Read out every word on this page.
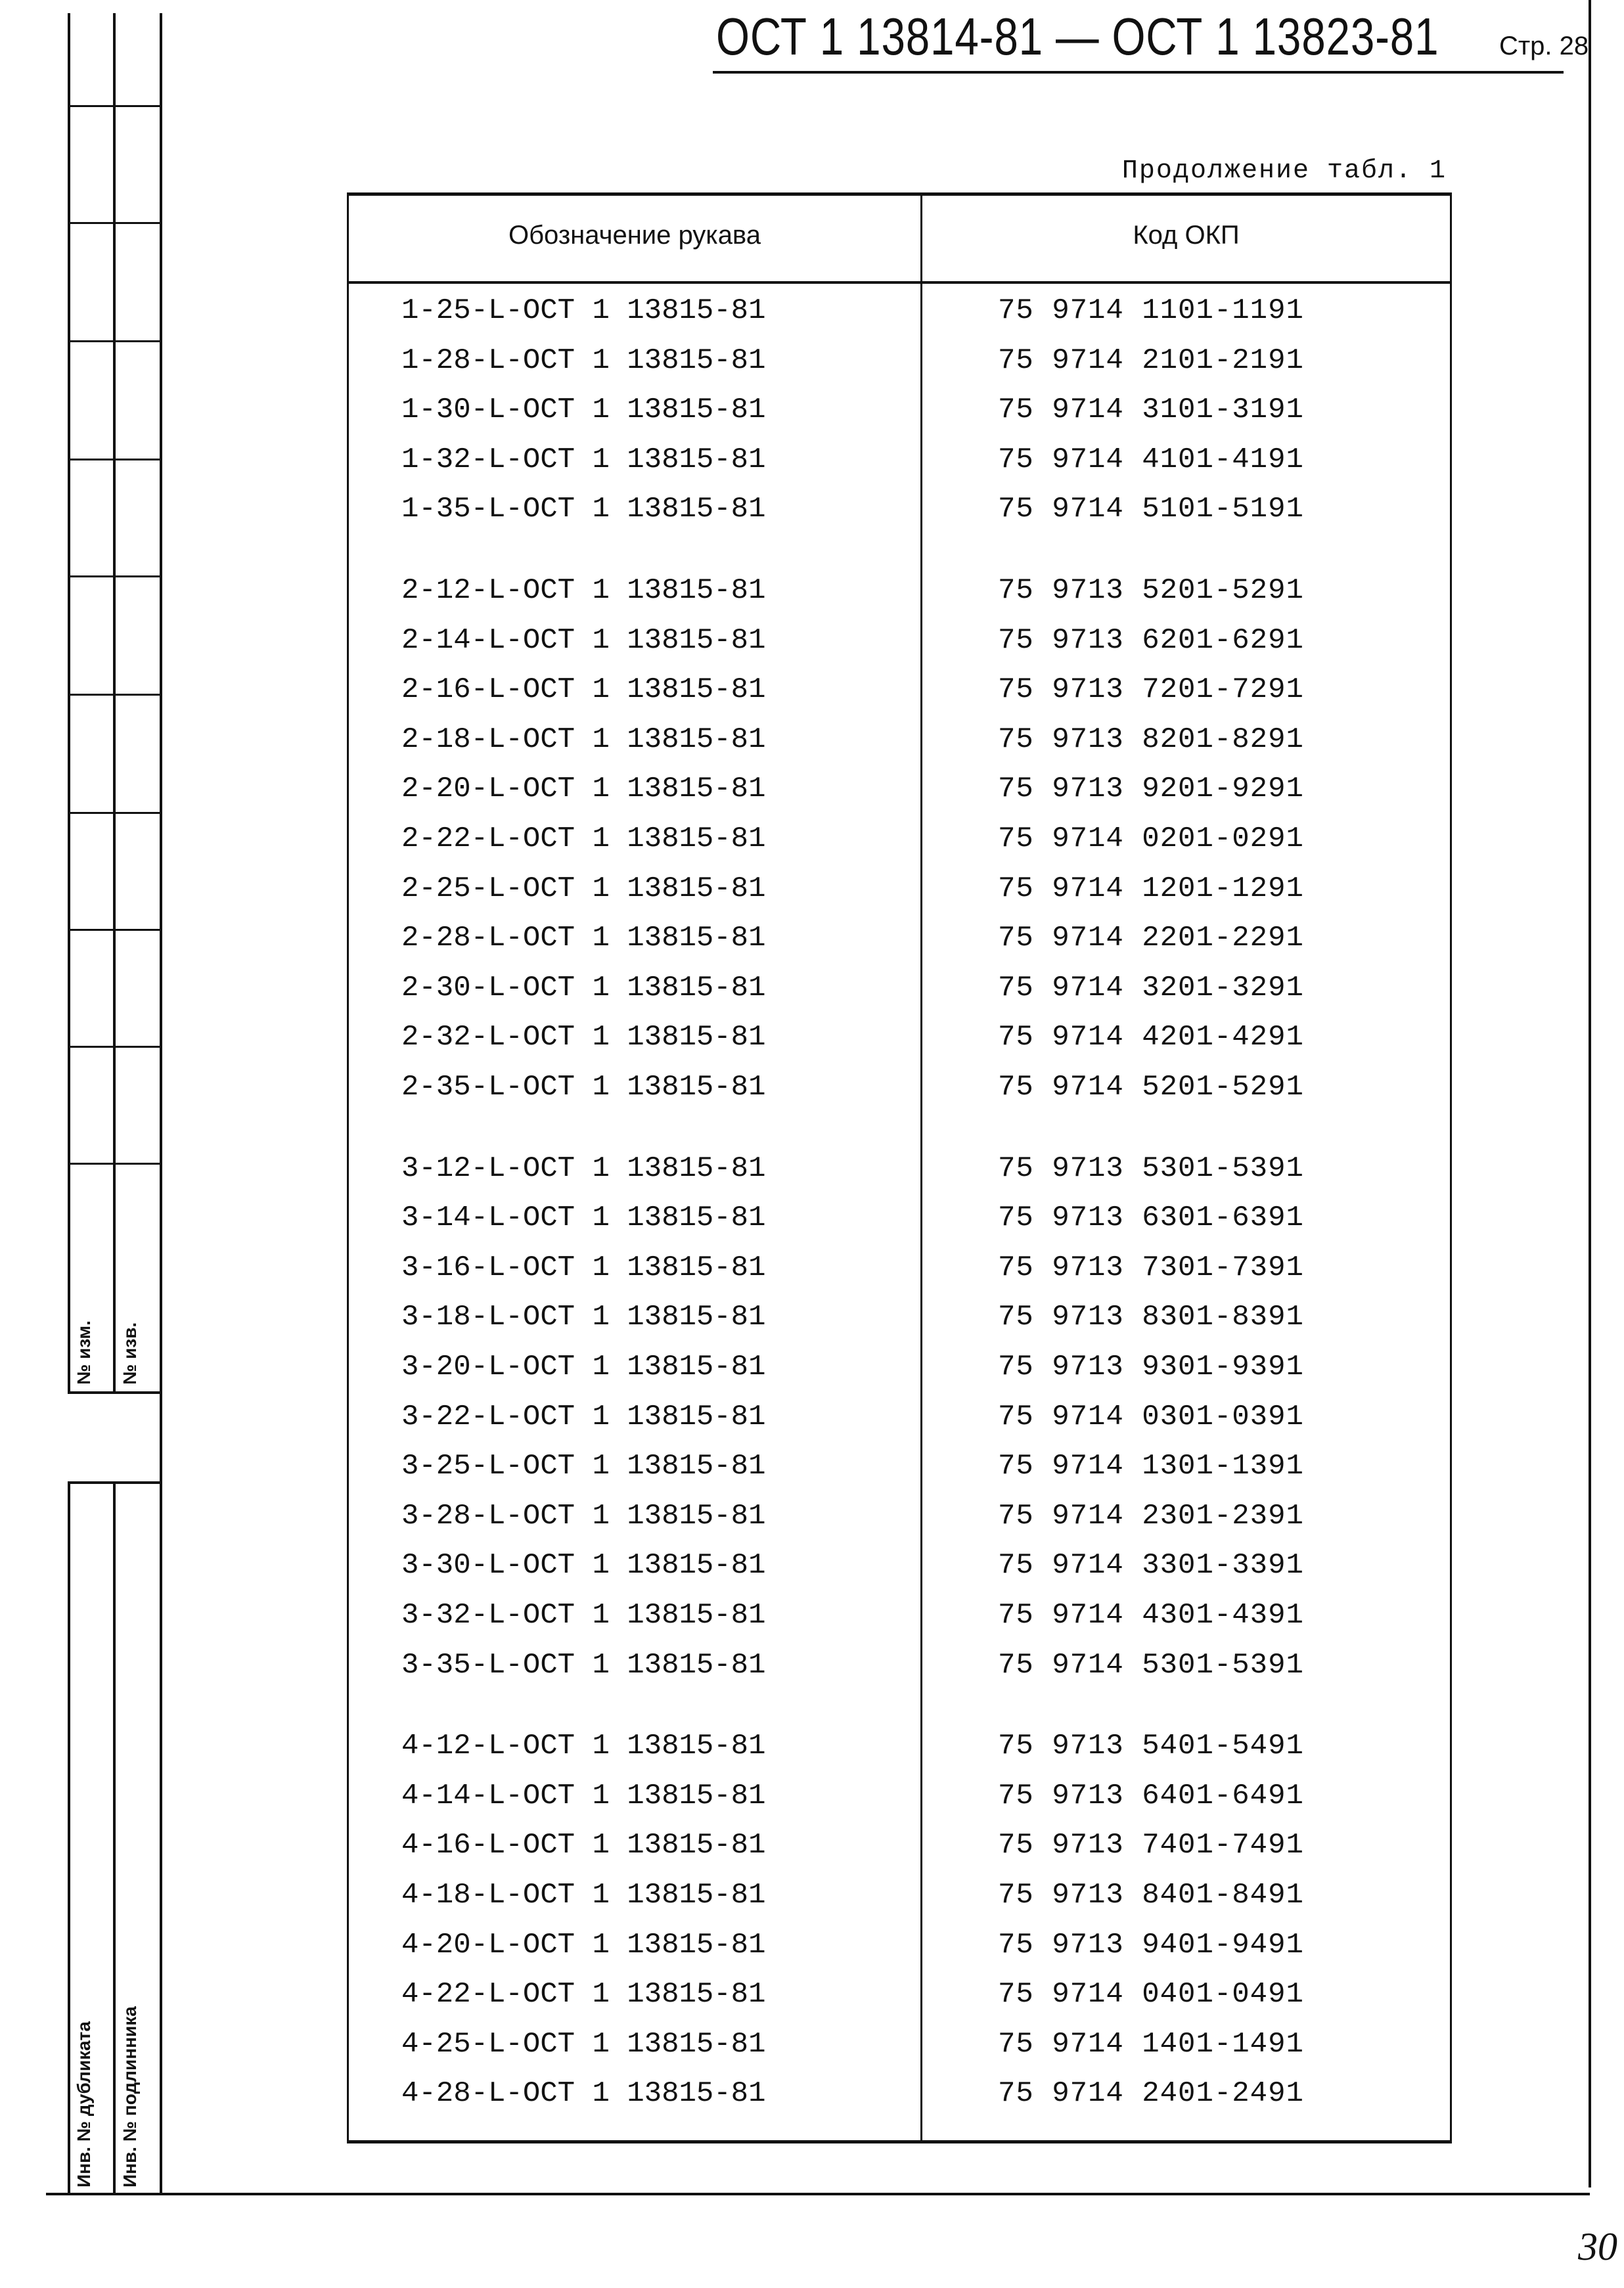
№ изм. № изв.
Инв. № дубликата Инв. № подлинника
ОСТ 1 13814-81 — ОСТ 1 13823-81 Стр. 28
Продолжение табл. 1
Обозначение рукава	Код ОКП
1-25-L-ОСТ 1 13815-81	75 9714 1101-1191
1-28-L-ОСТ 1 13815-81	75 9714 2101-2191
1-30-L-ОСТ 1 13815-81	75 9714 3101-3191
1-32-L-ОСТ 1 13815-81	75 9714 4101-4191
1-35-L-ОСТ 1 13815-81	75 9714 5101-5191
2-12-L-ОСТ 1 13815-81	75 9713 5201-5291
2-14-L-ОСТ 1 13815-81	75 9713 6201-6291
2-16-L-ОСТ 1 13815-81	75 9713 7201-7291
2-18-L-ОСТ 1 13815-81	75 9713 8201-8291
2-20-L-ОСТ 1 13815-81	75 9713 9201-9291
2-22-L-ОСТ 1 13815-81	75 9714 0201-0291
2-25-L-ОСТ 1 13815-81	75 9714 1201-1291
2-28-L-ОСТ 1 13815-81	75 9714 2201-2291
2-30-L-ОСТ 1 13815-81	75 9714 3201-3291
2-32-L-ОСТ 1 13815-81	75 9714 4201-4291
2-35-L-ОСТ 1 13815-81	75 9714 5201-5291
3-12-L-ОСТ 1 13815-81	75 9713 5301-5391
3-14-L-ОСТ 1 13815-81	75 9713 6301-6391
3-16-L-ОСТ 1 13815-81	75 9713 7301-7391
3-18-L-ОСТ 1 13815-81	75 9713 8301-8391
3-20-L-ОСТ 1 13815-81	75 9713 9301-9391
3-22-L-ОСТ 1 13815-81	75 9714 0301-0391
3-25-L-ОСТ 1 13815-81	75 9714 1301-1391
3-28-L-ОСТ 1 13815-81	75 9714 2301-2391
3-30-L-ОСТ 1 13815-81	75 9714 3301-3391
3-32-L-ОСТ 1 13815-81	75 9714 4301-4391
3-35-L-ОСТ 1 13815-81	75 9714 5301-5391
4-12-L-ОСТ 1 13815-81	75 9713 5401-5491
4-14-L-ОСТ 1 13815-81	75 9713 6401-6491
4-16-L-ОСТ 1 13815-81	75 9713 7401-7491
4-18-L-ОСТ 1 13815-81	75 9713 8401-8491
4-20-L-ОСТ 1 13815-81	75 9713 9401-9491
4-22-L-ОСТ 1 13815-81	75 9714 0401-0491
4-25-L-ОСТ 1 13815-81	75 9714 1401-1491
4-28-L-ОСТ 1 13815-81	75 9714 2401-2491
30
